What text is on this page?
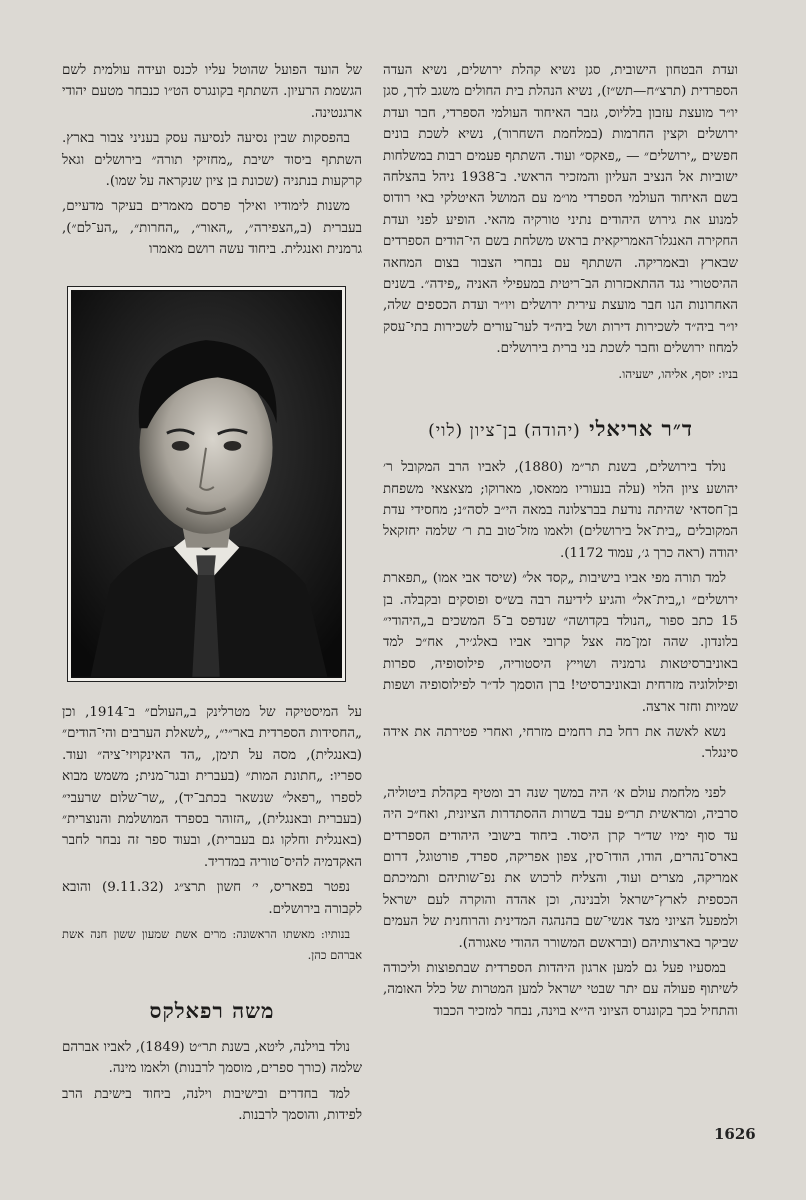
ועדת הבטחון הישובית, סגן נשיא קהלת ירושלים, נשיא העדה הספרדית (תרצ״ח—תש״ז), נשיא הנהלת בית החולים משגב לדך, סגן יו״ר מועצת עזבון בלליוס, גזבר האיחוד העולמי הספרדי, חבר ועדת ירושלים וקצין החרמות (במלחמת השחרור), נשיא לשכת בונים חפשים „ירושלים״ — „פאקס״ ועוד. השתתף פעמים רבות במשלחות ישוביות אל הנציב העליון והמזכיר הראשי. ב־1938 ניהל בהצלחה בשם האיחוד העולמי הספרדי מו״מ עם המושל האיטלקי באי רודוס למנוע את גירוש היהודים נתיני טורקיה מהאי. הופיע לפני ועדת החקירה האנגלו־האמריקאית בראש משלחת בשם הי־הודים הספרדים שבארץ ובאמריקה. השתתף עם נבחרי הצבור בצום המחאה ההיסטורי נגד ההתאכזרות הב־ריטית במעפילי האניה „פידה״. בשנים האחרונות הנו חבר מועצת עירית ירושלים ויו״ר ועדת הכספים שלה, יו״ר ביה״ד לשכירות דירות ושל ביה״ד לער־עורים לשכירות בתי־עסק למחוז ירושלים וחבר לשכת בני ברית בירושלים.

בניו: יוסף, אליהו, ישעיהו.

ד״ר אריאלי (יהודה) בן־ציון (לוי)

נולד בירושלים, בשנת תר״מ (1880), לאביו הרב המקובל ר׳ יהושע ציון הלוי (עלה בנעוריו ממאסו, מארוקו; מצאצאי משפחת בן־חסדאי שהיתה נודעת בברצלונה במאה הי״ב לסה״נ; מחסידי עדת המקובלים „בית־אל בירושלים) ולאמו מזל־טוב בת ר׳ שלמה יחזקאל יהודה (ראה כרך ג׳, עמוד 1172).

למד תורה מפי אביו בישיבות „קסד אל״ (שיסד אבי אמו) „תפארת ירושלים״ ו„בית־אל״ והגיע לידיעה רבה בש״ס ופוסקים ובקבלה. בן 15 כתב ספור „הנולד בקדושה״ שנדפס ב־5 המשכים ב„היהודי״ בלונדון. שהה זמן־מה אצל קרובי אביו באלג׳יר, אח״כ למד באוניברסיטאות גרמניה ושוייץ היסטוריה, פילוסופיה, ספרות ופילולוגיה מזרחית ובאוניברסיטי! ברן הוסמך לד״ר לפילוסופיה ושפות שמיות וחזר ארצה.

נשא לאשה את רחל בת רחמים מזרחי, ואחרי פטירתה את אידה סינגלר.

לפני מלחמת עולם א׳ היה במשך שנה רב ומטיף בקהלת ביטוליה, סרביה, ומראשית תר״פ עבד בשרות ההסתדרות הציונית, ואח״כ היה עד סוף ימיו שד״ר קרן היסוד. ביחוד בישובי היהודים הספרדים בארס־נהרים, הודו, הודו־סין, צפון אפריקה, ספרד, פורטוגל, דרום אמריקה, מצרים ועוד, והצליח לרכוש את נפ־שותיהם ותמיכתם הכספית לארץ־ישראל ולבנינה, וכן אהדה והוקרה לעם ישראל ולמפעל הציוני מצד אנשי־שם בהנהגה המדינית והרוחנית של העמים שביקר בארצותיהם (ובראשם המשורר ההודי טאגורה).

במסעיו פעל גם למען ארגון היהדות הספרדית שבתפוצות וליכודה לשיתוף פעולה עם יתר שבטי ישראל למען המטרות של כלל האומה, והתחיל בכך בקונגרס הציוני הי״א בוינה, נבחר למזכיר הכבוד

של הועד הפועל שהוטל עליו לכנס ועידה עולמית לשם הגשמת הרעיון. השתתף בקונגרס הט״ו כנבחר מטעם יהודי ארגנטינה.

בהפסקות שבין נסיעה לנסיעה עסק בעניני צבור בארץ. השתתף ביסוד ישיבת „מחזיקי תורה״ בירושלים וגאל קרקעות בנתניה (שכונת בן ציון שנקראה על שמו).

משנות לימודיו ואילך פרסם מאמרים בעיקר מדעיים, בעברית (ב„הצפירה״, „האור״, „החרות״, „הע־לם״), גרמנית ואנגלית. ביחוד עשה רושם מאמרו

על המיסטיקה של מטרלינק ב„העולם״ ב־1914, וכן „החסידות הספרדית באר״י״, „לשאלת הערבים והי־הודים״ (באנגלית), מסה על תימן, „הד האינקויזי־ציה״ ועוד. ספריו: „חתונת המות״ (בעברית ובגר־מנית; משמש מבוא לספרו „רפאל״ שנשאר בכתב־יד), „שר־שלום שרעבי״ (בעברית ובאנגלית), „הזוהר בספרד המושלמת והנוצרית״ (באנגלית וחלקו גם בעברית), ובעוד ספר זה נבחר לחבר האקדמיה להיס־טוריה במדריד.

נפטר בפאריס, י׳ חשון תרצ״ג (9.11.32) והובא לקבורה בירושלים.

בנותיו: מאשתו הראשונה: מרים אשת שמעון ששון חנה אשת אברהם כהן.

משה רפאלקס

נולד בוילנה, ליטא, בשנת תר״ט (1849), לאביו אברהם שלמה (כורך ספרים, מוסמך לרבנות) ולאמו מינה.

למד בחדרים ובישיבות וילנה, ביחוד בישיבת הרב לפידות, והוסמך לרבנות.

1626
